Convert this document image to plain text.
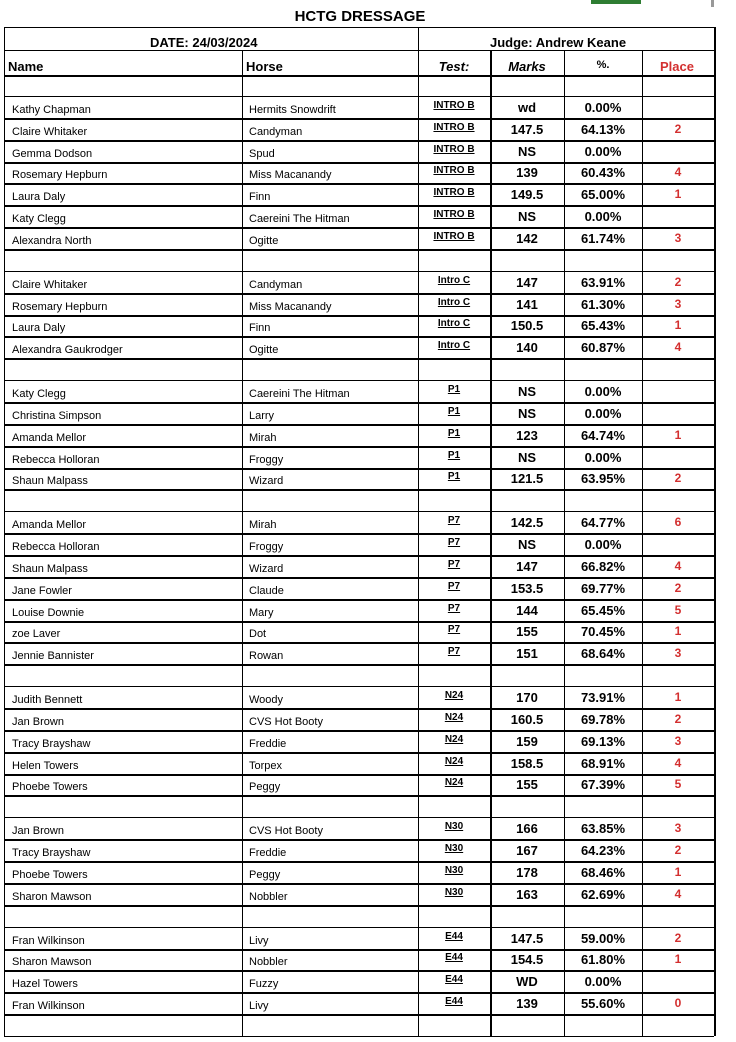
HCTG DRESSAGE
DATE: 24/03/2024	Judge: Andrew Keane
Name	Horse	Test:	Marks	%.	Place
Kathy Chapman	Hermits Snowdrift	INTRO B	wd	0.00%
Claire Whitaker	Candyman	INTRO B	147.5	64.13%	2
Gemma Dodson	Spud	INTRO B	NS	0.00%
Rosemary Hepburn	Miss Macanandy	INTRO B	139	60.43%	4
Laura Daly	Finn	INTRO B	149.5	65.00%	1
Katy Clegg	Caereini The Hitman	INTRO B	NS	0.00%
Alexandra North	Ogitte	INTRO B	142	61.74%	3
Claire Whitaker	Candyman	Intro C	147	63.91%	2
Rosemary Hepburn	Miss Macanandy	Intro C	141	61.30%	3
Laura Daly	Finn	Intro C	150.5	65.43%	1
Alexandra Gaukrodger	Ogitte	Intro C	140	60.87%	4
Katy Clegg	Caereini The Hitman	P1	NS	0.00%
Christina Simpson	Larry	P1	NS	0.00%
Amanda Mellor	Mirah	P1	123	64.74%	1
Rebecca Holloran	Froggy	P1	NS	0.00%
Shaun Malpass	Wizard	P1	121.5	63.95%	2
Amanda Mellor	Mirah	P7	142.5	64.77%	6
Rebecca Holloran	Froggy	P7	NS	0.00%
Shaun Malpass	Wizard	P7	147	66.82%	4
Jane Fowler	Claude	P7	153.5	69.77%	2
Louise Downie	Mary	P7	144	65.45%	5
zoe Laver	Dot	P7	155	70.45%	1
Jennie Bannister	Rowan	P7	151	68.64%	3
Judith Bennett	Woody	N24	170	73.91%	1
Jan Brown	CVS Hot Booty	N24	160.5	69.78%	2
Tracy Brayshaw	Freddie	N24	159	69.13%	3
Helen Towers	Torpex	N24	158.5	68.91%	4
Phoebe Towers	Peggy	N24	155	67.39%	5
Jan Brown	CVS Hot Booty	N30	166	63.85%	3
Tracy Brayshaw	Freddie	N30	167	64.23%	2
Phoebe Towers	Peggy	N30	178	68.46%	1
Sharon Mawson	Nobbler	N30	163	62.69%	4
Fran Wilkinson	Livy	E44	147.5	59.00%	2
Sharon Mawson	Nobbler	E44	154.5	61.80%	1
Hazel Towers	Fuzzy	E44	WD	0.00%
Fran Wilkinson	Livy	E44	139	55.60%	0
